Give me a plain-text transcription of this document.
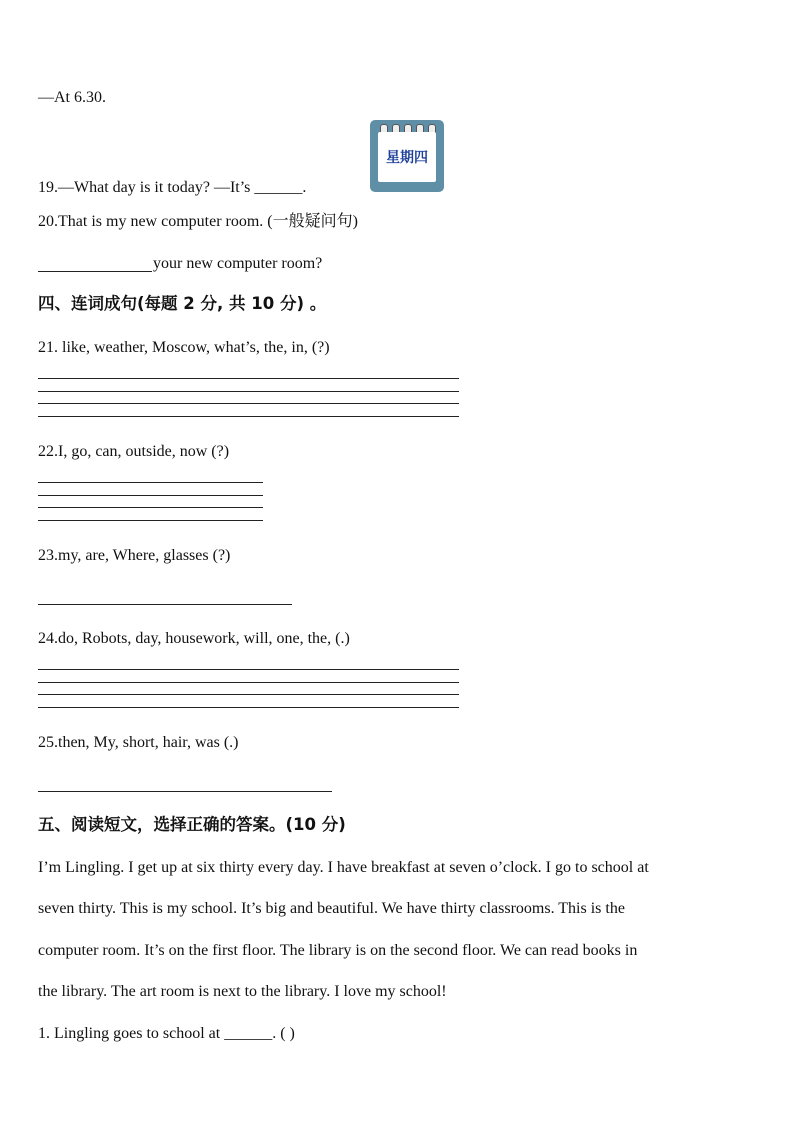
—At 6.30.
星期四
19.—What day is it today? —It’s ______.
20.That is my new computer room. (一般疑问句)
your new computer room?
四、连词成句(每题 2 分, 共 10 分) 。
21. like, weather, Moscow, what’s, the, in, (?)
22.I, go, can, outside, now (?)
23.my, are, Where, glasses (?)
24.do, Robots, day, housework, will, one, the, (.)
25.then, My, short, hair, was (.)
五、阅读短文，选择正确的答案。(10 分)
I’m Lingling. I get up at six thirty every day. I have breakfast at seven o’clock. I go to school at
seven thirty. This is my school. It’s big and beautiful. We have thirty classrooms. This is the
computer room. It’s on the first floor. The library is on the second floor. We can read books in
the library. The art room is next to the library. I love my school!
1. Lingling goes to school at ______. ( )
